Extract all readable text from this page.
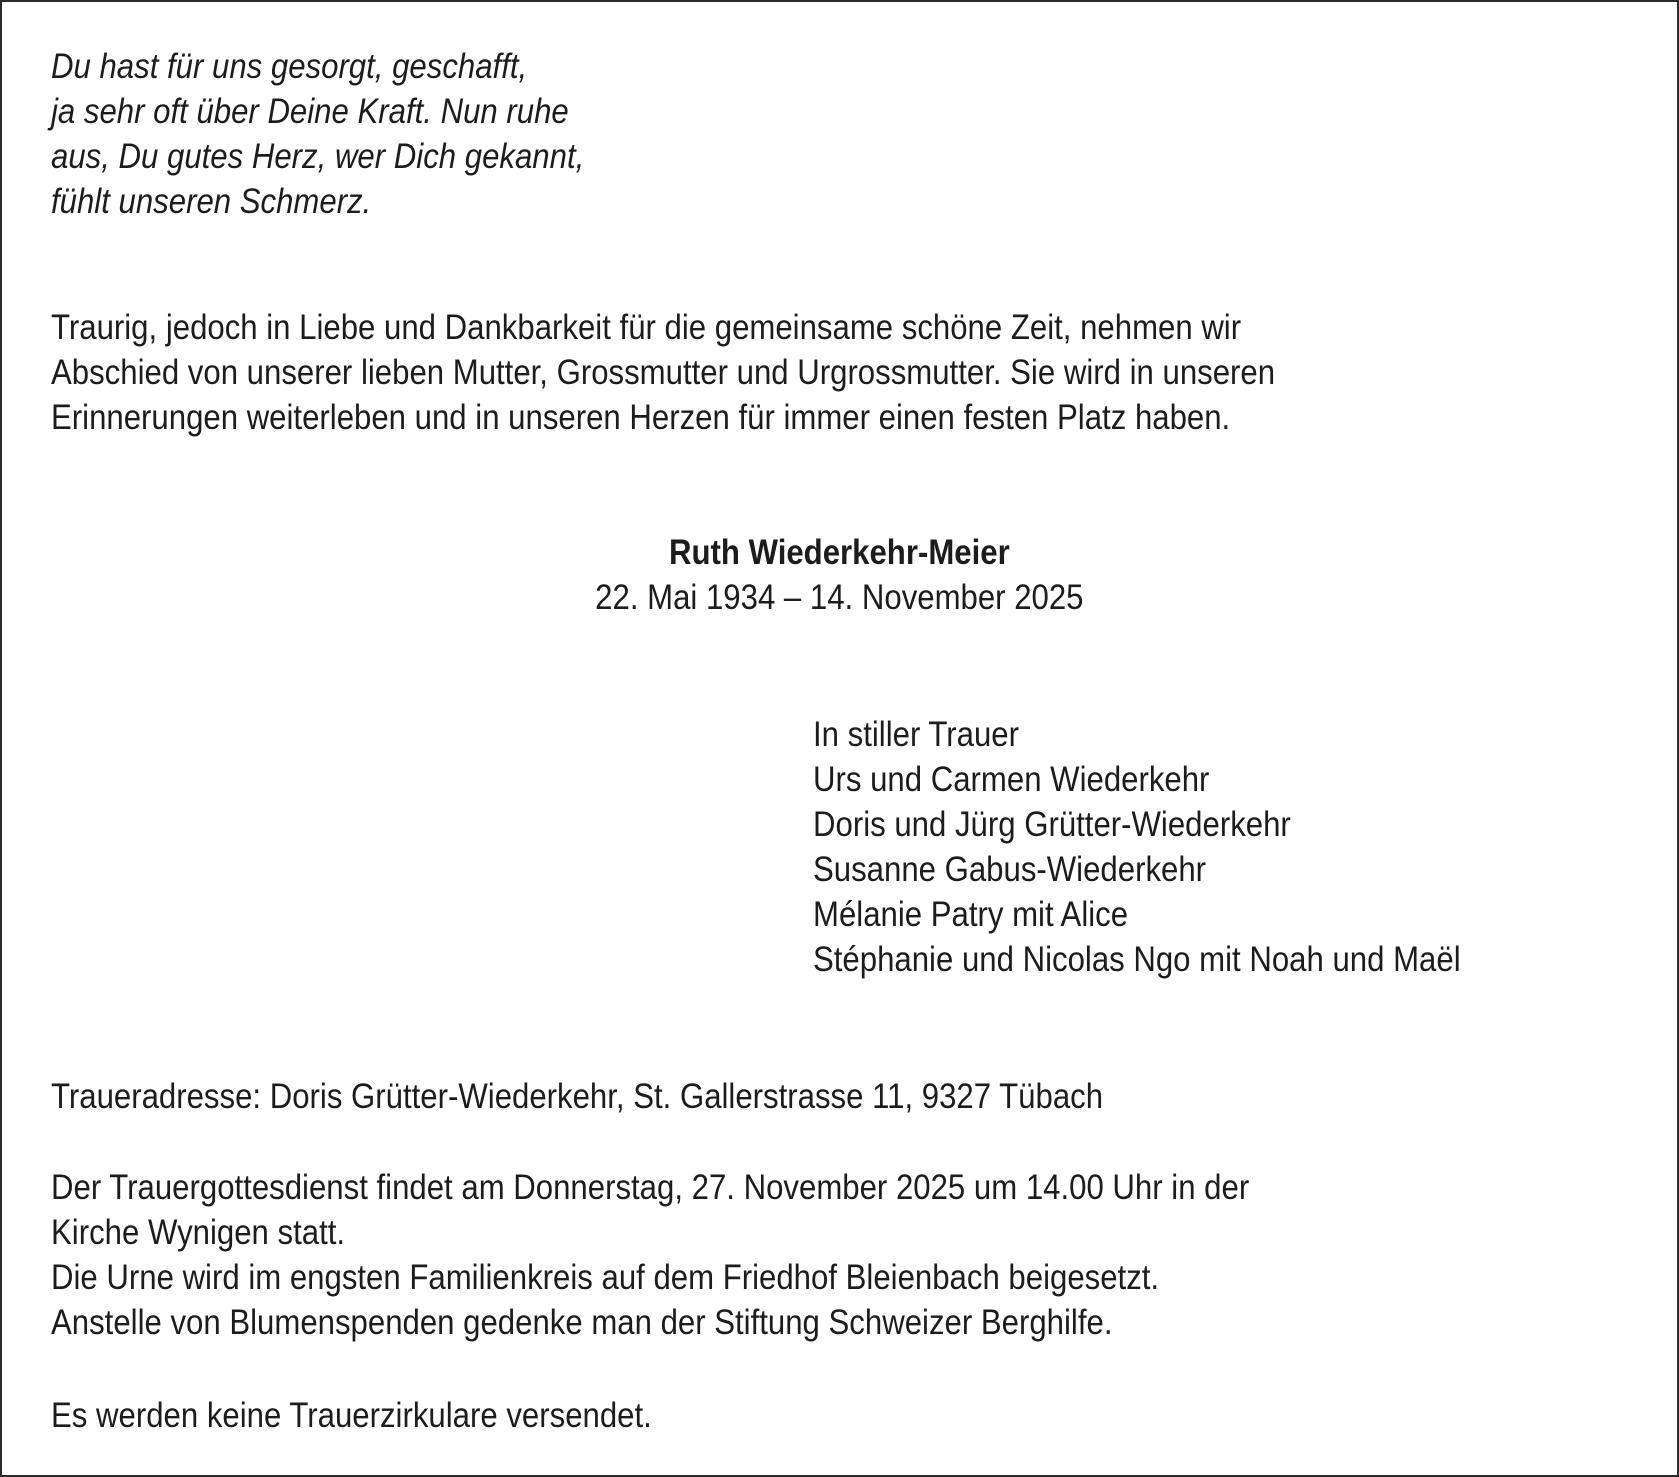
Du hast für uns gesorgt, geschafft,
ja sehr oft über Deine Kraft. Nun ruhe
aus, Du gutes Herz, wer Dich gekannt,
fühlt unseren Schmerz.
Traurig, jedoch in Liebe und Dankbarkeit für die gemeinsame schöne Zeit, nehmen wir
Abschied von unserer lieben Mutter, Grossmutter und Urgrossmutter. Sie wird in unseren
Erinnerungen weiterleben und in unseren Herzen für immer einen festen Platz haben.
Ruth Wiederkehr-Meier
22. Mai 1934 – 14. November 2025
In stiller Trauer
Urs und Carmen Wiederkehr
Doris und Jürg Grütter-Wiederkehr
Susanne Gabus-Wiederkehr
Mélanie Patry mit Alice
Stéphanie und Nicolas Ngo mit Noah und Maël
Traueradresse: Doris Grütter-Wiederkehr, St. Gallerstrasse 11, 9327 Tübach
Der Trauergottesdienst findet am Donnerstag, 27. November 2025 um 14.00 Uhr in der
Kirche Wynigen statt.
Die Urne wird im engsten Familienkreis auf dem Friedhof Bleienbach beigesetzt.
Anstelle von Blumenspenden gedenke man der Stiftung Schweizer Berghilfe.
Es werden keine Trauerzirkulare versendet.
